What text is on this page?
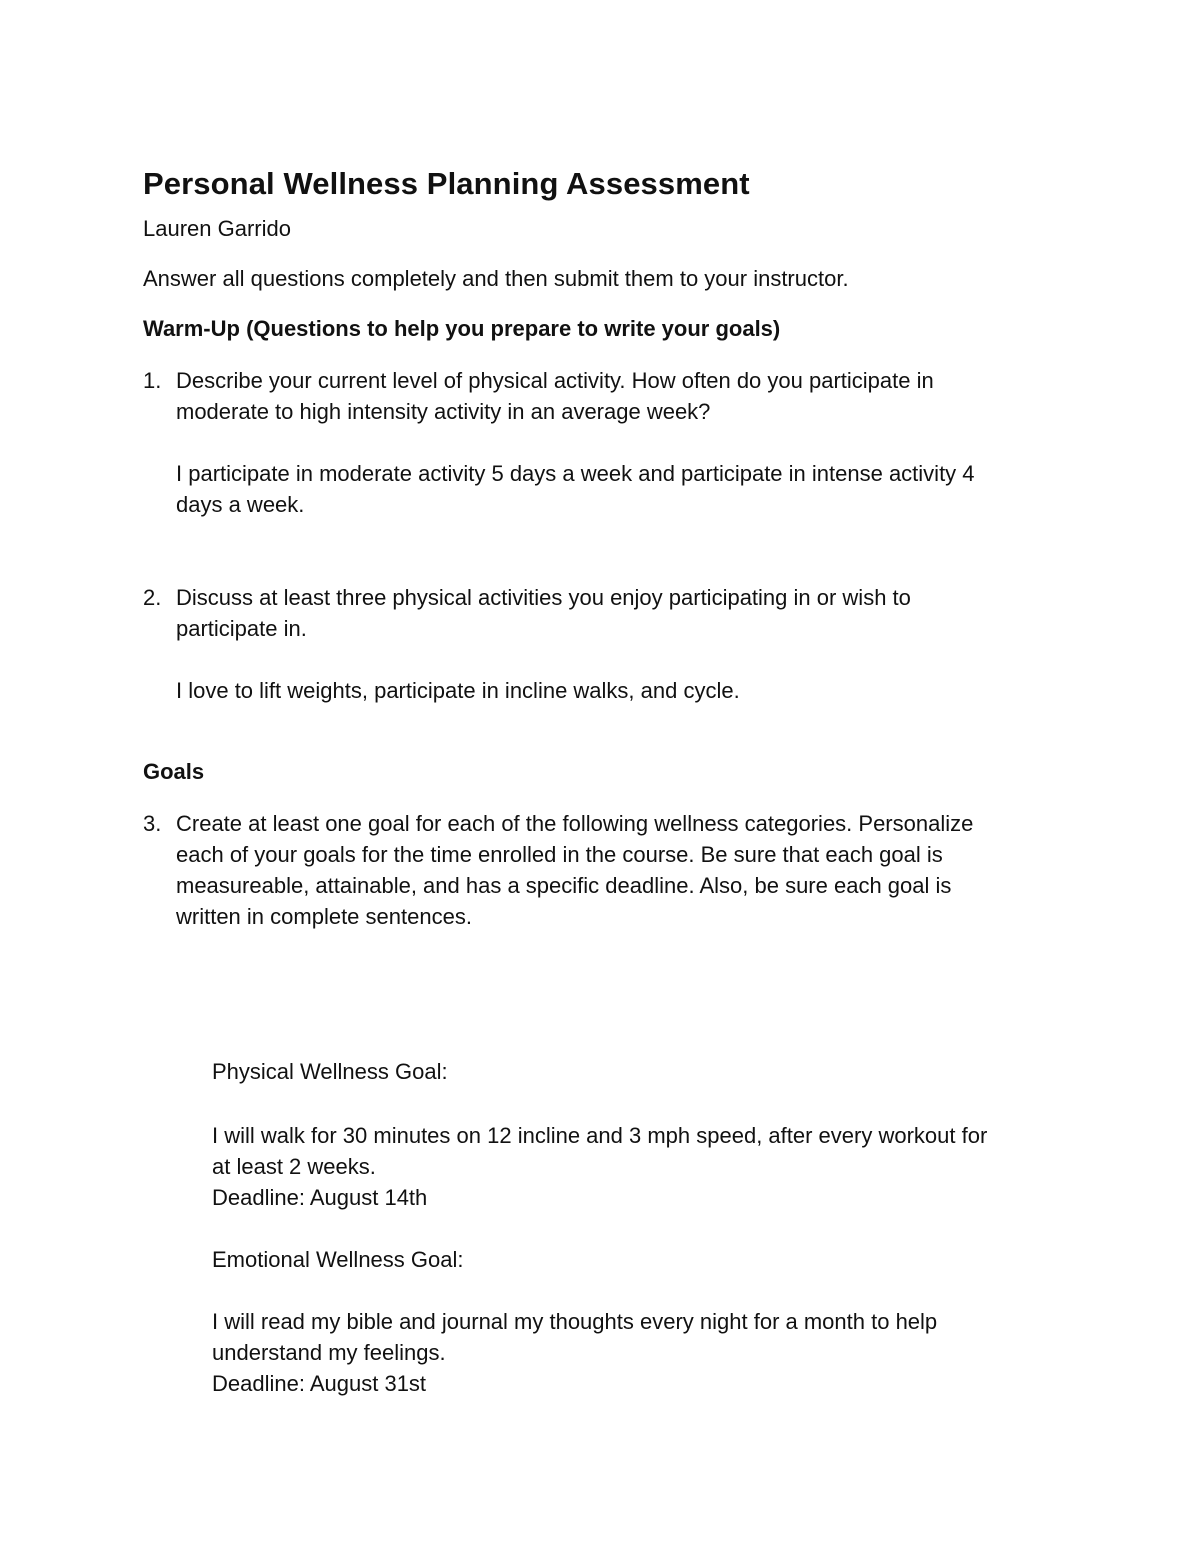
Personal Wellness Planning Assessment

Lauren Garrido

Answer all questions completely and then submit them to your instructor.

Warm-Up (Questions to help you prepare to write your goals)

1. Describe your current level of physical activity. How often do you participate in

moderate to high intensity activity in an average week?

I participate in moderate activity 5 days a week and participate in intense activity 4

days a week.

2. Discuss at least three physical activities you enjoy participating in or wish to

participate in.

I love to lift weights, participate in incline walks, and cycle.

Goals

3. Create at least one goal for each of the following wellness categories. Personalize

each of your goals for the time enrolled in the course. Be sure that each goal is

measureable, attainable, and has a specific deadline. Also, be sure each goal is

written in complete sentences.

Physical Wellness Goal:

I will walk for 30 minutes on 12 incline and 3 mph speed, after every workout for

at least 2 weeks.

Deadline: August 14th

Emotional Wellness Goal:

I will read my bible and journal my thoughts every night for a month to help

understand my feelings.

Deadline: August 31st
